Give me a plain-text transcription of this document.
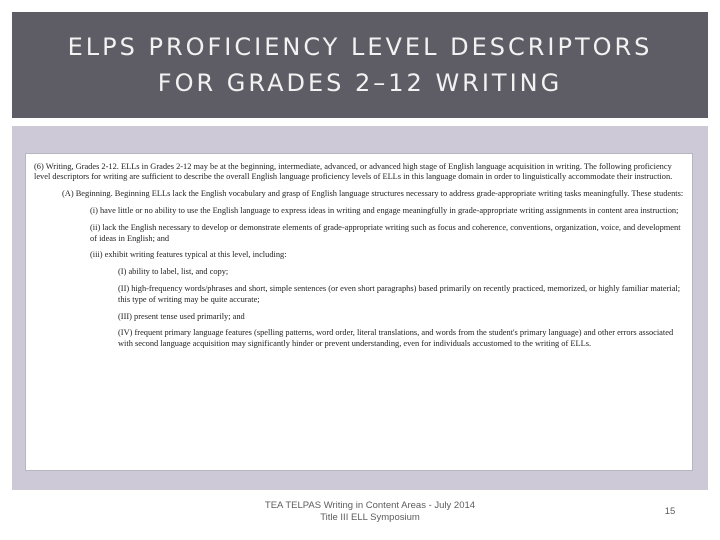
ELPS PROFICIENCY LEVEL DESCRIPTORS
FOR GRADES 2–12 WRITING

(6) Writing, Grades 2-12. ELLs in Grades 2-12 may be at the beginning, intermediate, advanced, or advanced high stage of English language acquisition in writing. The following proficiency level descriptors for writing are sufficient to describe the overall English language proficiency levels of ELLs in this language domain in order to linguistically accommodate their instruction.

(A) Beginning. Beginning ELLs lack the English vocabulary and grasp of English language structures necessary to address grade-appropriate writing tasks meaningfully. These students:

(i) have little or no ability to use the English language to express ideas in writing and engage meaningfully in grade-appropriate writing assignments in content area instruction;

(ii) lack the English necessary to develop or demonstrate elements of grade-appropriate writing such as focus and coherence, conventions, organization, voice, and development of ideas in English; and

(iii) exhibit writing features typical at this level, including:

(I) ability to label, list, and copy;

(II) high-frequency words/phrases and short, simple sentences (or even short paragraphs) based primarily on recently practiced, memorized, or highly familiar material; this type of writing may be quite accurate;

(III) present tense used primarily; and

(IV) frequent primary language features (spelling patterns, word order, literal translations, and words from the student's primary language) and other errors associated with second language acquisition may significantly hinder or prevent understanding, even for individuals accustomed to the writing of ELLs.

TEA TELPAS Writing in Content Areas - July 2014
Title III ELL Symposium
15
